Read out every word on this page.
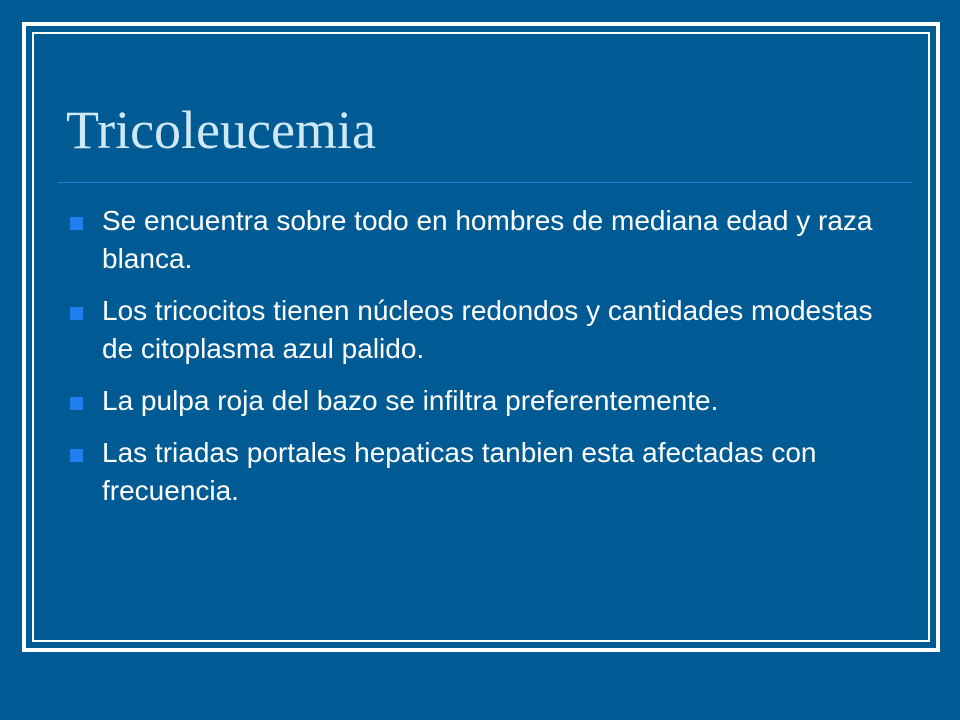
Tricoleucemia
Se encuentra sobre todo en hombres de mediana edad y raza blanca.
Los tricocitos tienen núcleos redondos y cantidades modestas de citoplasma azul palido.
La pulpa roja del bazo se infiltra preferentemente.
Las triadas portales hepaticas tanbien esta afectadas con frecuencia.
